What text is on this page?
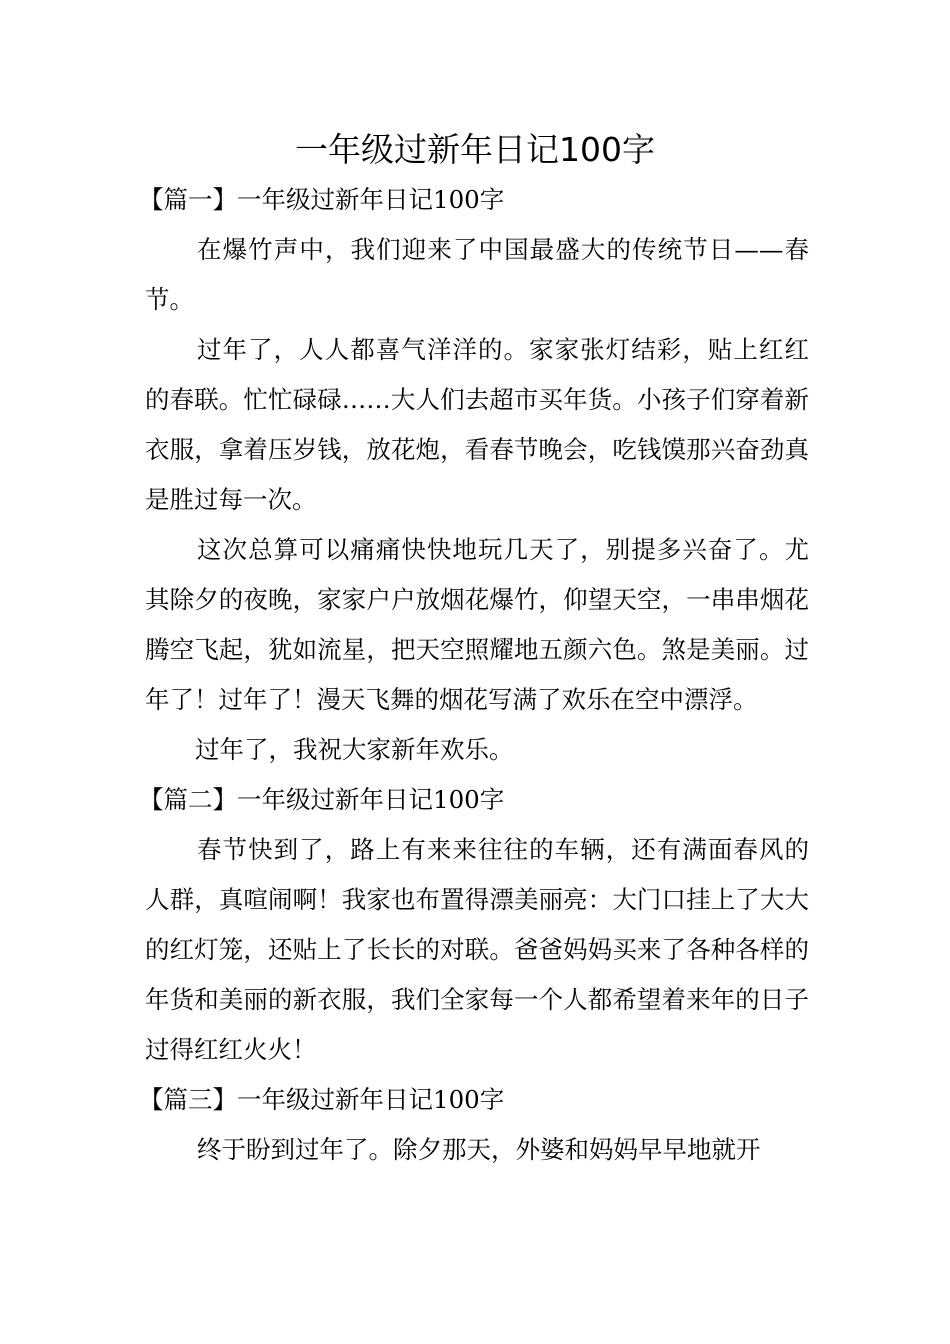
一年级过新年日记100字

【篇一】一年级过新年日记100字

在爆竹声中，我们迎来了中国最盛大的传统节日——春节。

过年了，人人都喜气洋洋的。家家张灯结彩，贴上红红的春联。忙忙碌碌……大人们去超市买年货。小孩子们穿着新衣服，拿着压岁钱，放花炮，看春节晚会，吃钱馍那兴奋劲真是胜过每一次。

这次总算可以痛痛快快地玩几天了，别提多兴奋了。尤其除夕的夜晚，家家户户放烟花爆竹，仰望天空，一串串烟花腾空飞起，犹如流星，把天空照耀地五颜六色。煞是美丽。过年了！过年了！漫天飞舞的烟花写满了欢乐在空中漂浮。

过年了，我祝大家新年欢乐。

【篇二】一年级过新年日记100字

春节快到了，路上有来来往往的车辆，还有满面春风的人群，真喧闹啊！我家也布置得漂美丽亮：大门口挂上了大大的红灯笼，还贴上了长长的对联。爸爸妈妈买来了各种各样的年货和美丽的新衣服，我们全家每一个人都希望着来年的日子过得红红火火！

【篇三】一年级过新年日记100字

终于盼到过年了。除夕那天，外婆和妈妈早早地就开
